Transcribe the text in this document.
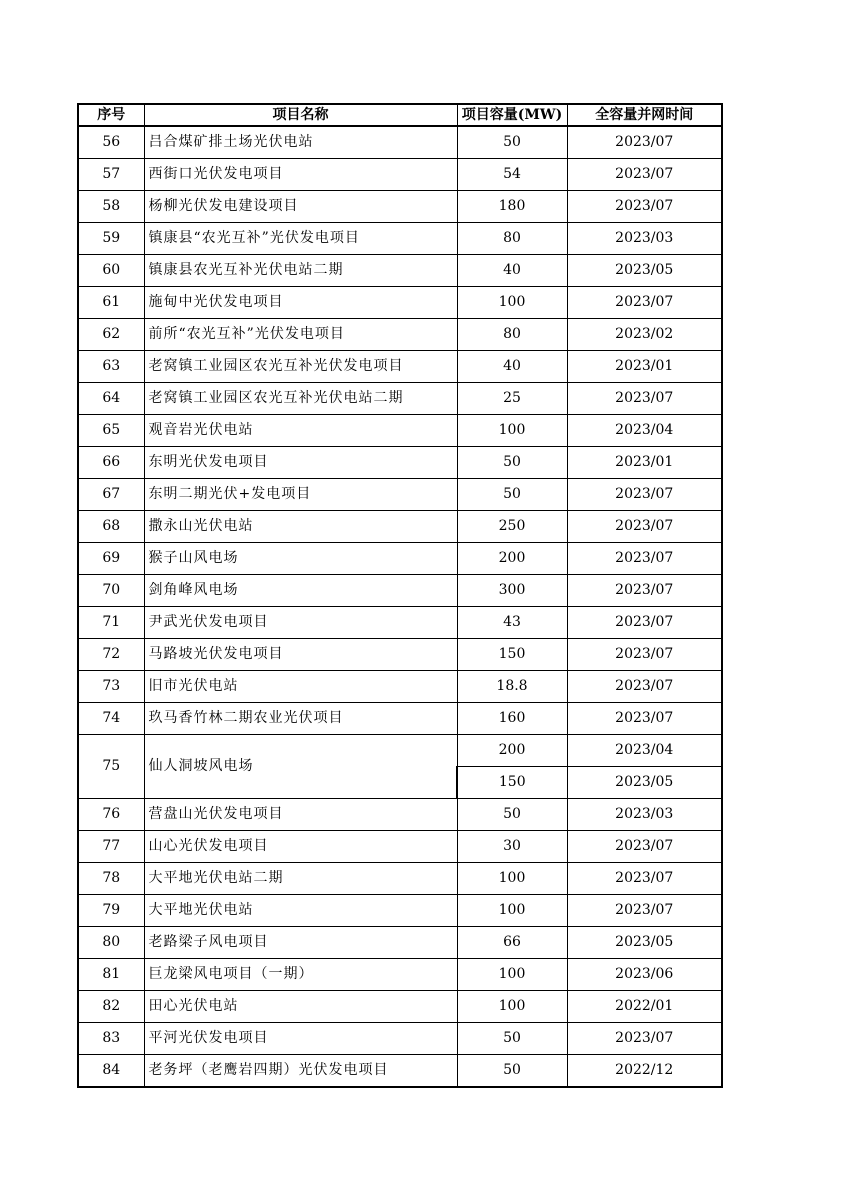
序号	项目名称	项目容量(MW)	全容量并网时间
56	吕合煤矿排土场光伏电站	50	2023/07
57	西街口光伏发电项目	54	2023/07
58	杨柳光伏发电建设项目	180	2023/07
59	镇康县“农光互补”光伏发电项目	80	2023/03
60	镇康县农光互补光伏电站二期	40	2023/05
61	施甸中光伏发电项目	100	2023/07
62	前所“农光互补”光伏发电项目	80	2023/02
63	老窝镇工业园区农光互补光伏发电项目	40	2023/01
64	老窝镇工业园区农光互补光伏电站二期	25	2023/07
65	观音岩光伏电站	100	2023/04
66	东明光伏发电项目	50	2023/01
67	东明二期光伏+发电项目	50	2023/07
68	撒永山光伏电站	250	2023/07
69	猴子山风电场	200	2023/07
70	剑角峰风电场	300	2023/07
71	尹武光伏发电项目	43	2023/07
72	马路坡光伏发电项目	150	2023/07
73	旧市光伏电站	18.8	2023/07
74	玖马香竹林二期农业光伏项目	160	2023/07
75	仙人洞坡风电场	200	2023/04
		150	2023/05
76	营盘山光伏发电项目	50	2023/03
77	山心光伏发电项目	30	2023/07
78	大平地光伏电站二期	100	2023/07
79	大平地光伏电站	100	2023/07
80	老路梁子风电项目	66	2023/05
81	巨龙梁风电项目（一期）	100	2023/06
82	田心光伏电站	100	2022/01
83	平河光伏发电项目	50	2023/07
84	老务坪（老鹰岩四期）光伏发电项目	50	2022/12
